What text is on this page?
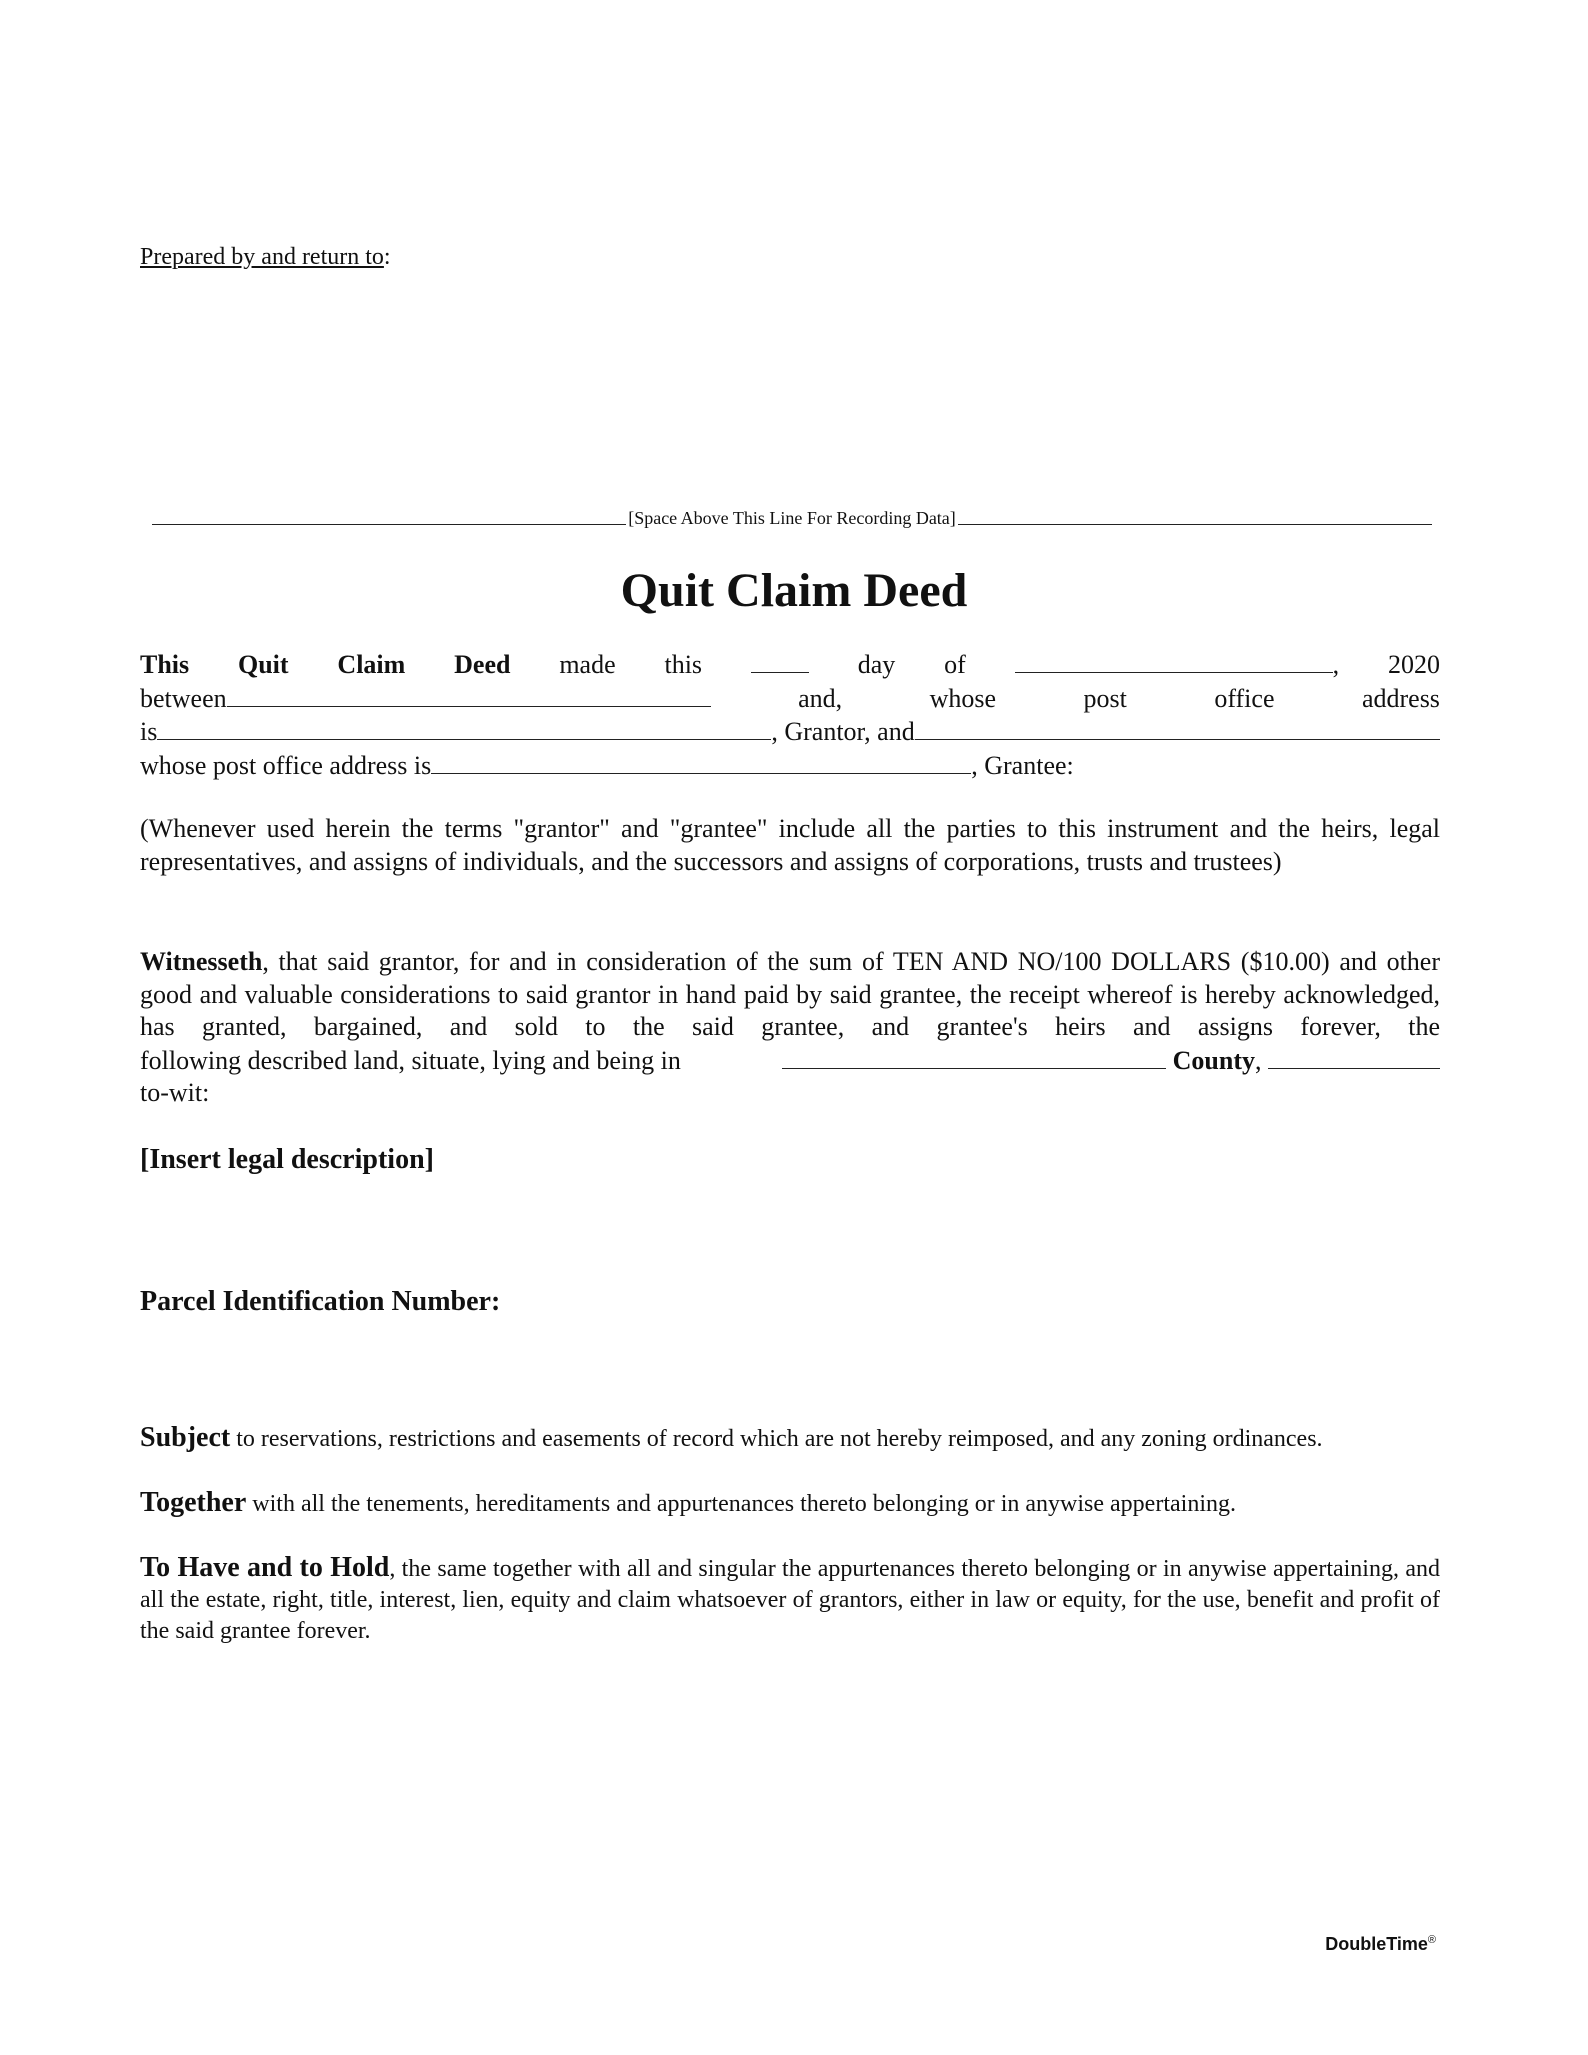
Prepared by and return to:
[Space Above This Line For Recording Data]
Quit Claim Deed
This Quit Claim Deed made this	day of	, 2020
between	and,	whose	post	office	address
is	, Grantor, and
whose post office address is	, Grantee:
(Whenever used herein the terms "grantor" and "grantee" include all the parties to this instrument and the heirs, legal representatives, and assigns of individuals, and the successors and assigns of corporations, trusts and trustees)
Witnesseth, that said grantor, for and in consideration of the sum of TEN AND NO/100 DOLLARS ($10.00) and other good and valuable considerations to said grantor in hand paid by said grantee, the receipt whereof is hereby acknowledged, has granted, bargained, and sold to the said grantee, and grantee's heirs and assigns forever, the
following described land, situate, lying and being in	County,
to-wit:
[Insert legal description]
Parcel Identification Number:
Subject to reservations, restrictions and easements of record which are not hereby reimposed, and any zoning ordinances.
Together with all the tenements, hereditaments and appurtenances thereto belonging or in anywise appertaining.
To Have and to Hold, the same together with all and singular the appurtenances thereto belonging or in anywise appertaining, and all the estate, right, title, interest, lien, equity and claim whatsoever of grantors, either in law or equity, for the use, benefit and profit of the said grantee forever.
DoubleTime®
